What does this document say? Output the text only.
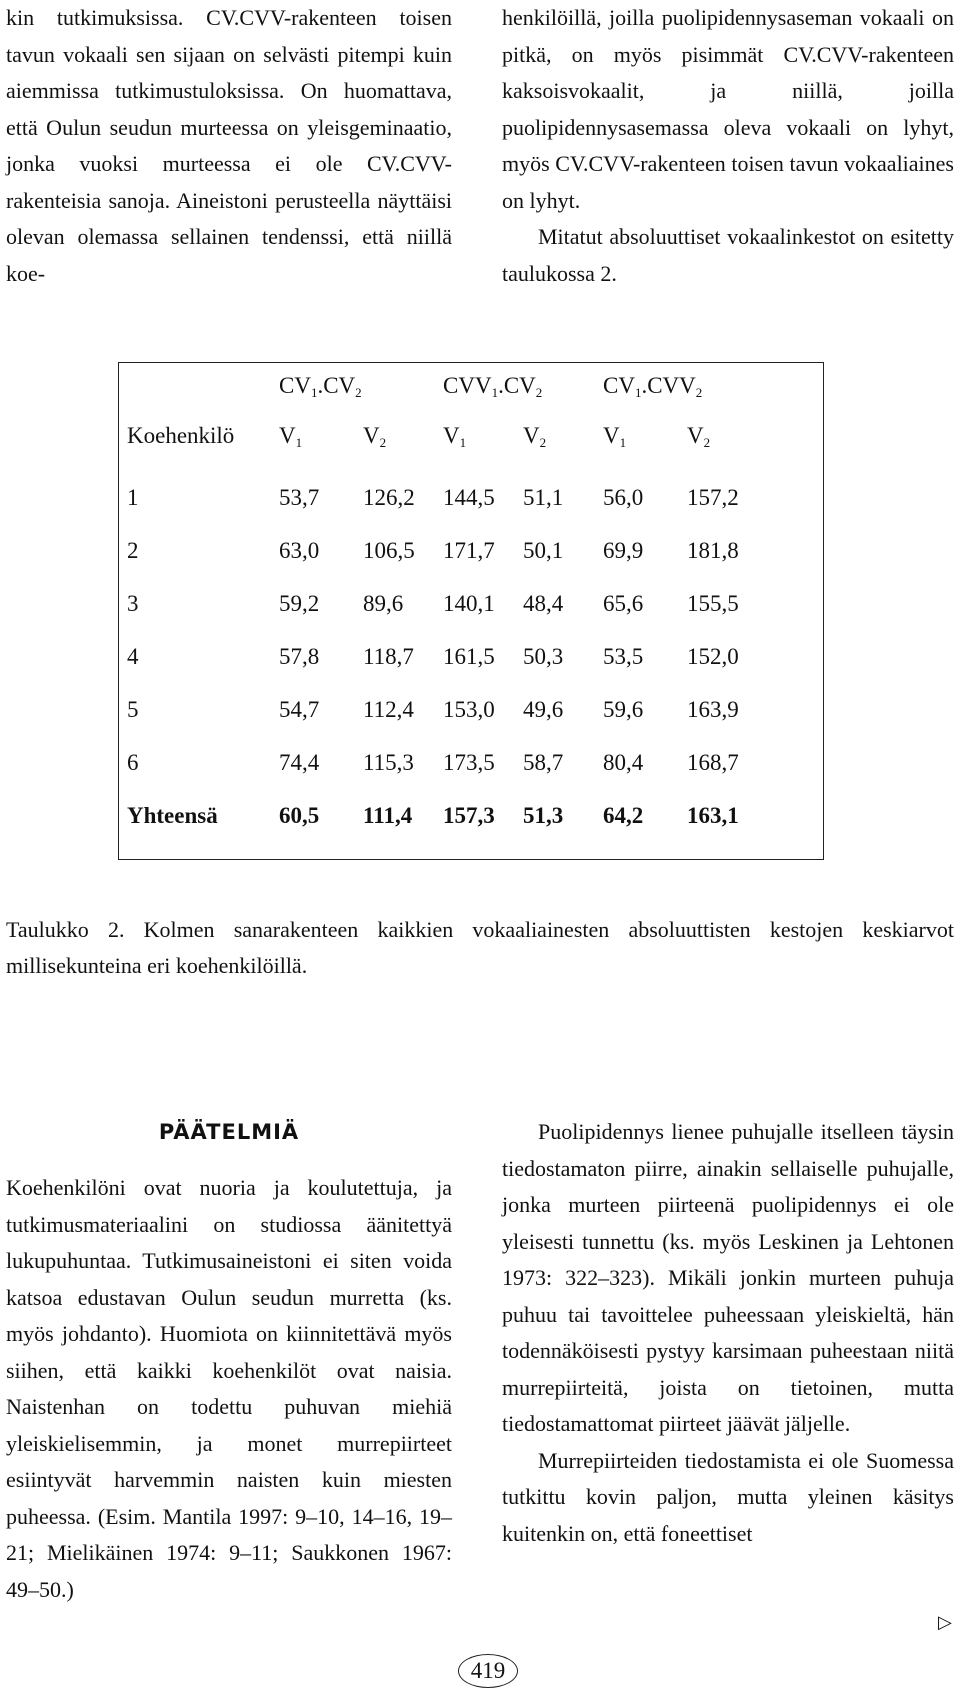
kin tutkimuksissa. CV.CVV-rakenteen toisen tavun vokaali sen sijaan on selvästi pitempi kuin aiemmissa tutkimustuloksissa. On huomattava, että Oulun seudun murteessa on yleisgeminaatio, jonka vuoksi murteessa ei ole CV.CVV-rakenteisia sanoja. Aineistoni perusteella näyttäisi olevan olemassa sellainen tendenssi, että niillä koe-

henkilöillä, joilla puolipidennysaseman vokaali on pitkä, on myös pisimmät CV.CVV-rakenteen kaksoisvokaalit, ja niillä, joilla puolipidennysasemassa oleva vokaali on lyhyt, myös CV.CVV-rakenteen toisen tavun vokaaliaines on lyhyt.

Mitatut absoluuttiset vokaalinkestot on esitetty taulukossa 2.

$CV_1.CV_2$	$CVV_1.CV_2$	$CV_1.CVV_2$
Koehenkilö $V_1$	$V_2$ $V_1$ $V_2$ $V_1$	$V_2$
1	53,7 126,2 144,5 51,1 56,0 157,2
2	63,0 106,5 171,7 50,1 69,9 181,8
3	59,2 89,6 140,1 48,4 65,6 155,5
4	57,8 118,7 161,5 50,3 53,5 152,0
5	54,7 112,4 153,0 49,6 59,6 163,9
6	74,4 115,3 173,5 58,7 80,4 168,7
Yhteensä	60,5 111,4 157,3 51,3 64,2 163,1

Taulukko 2. Kolmen sanarakenteen kaikkien vokaaliainesten absoluuttisten kestojen keskiarvot millisekunteina eri koehenkilöillä.

PÄÄTELMIÄ

Koehenkilöni ovat nuoria ja koulutettuja, ja tutkimusmateriaalini on studiossa äänitettyä lukupuhuntaa. Tutkimusaineistoni ei siten voida katsoa edustavan Oulun seudun murretta (ks. myös johdanto). Huomiota on kiinnitettävä myös siihen, että kaikki koehenkilöt ovat naisia. Naistenhan on todettu puhuvan miehiä yleiskielisemmin, ja monet murrepiirteet esiintyvät harvemmin naisten kuin miesten puheessa. (Esim. Mantila 1997: 9–10, 14–16, 19–21; Mielikäinen 1974: 9–11; Saukkonen 1967: 49–50.)

Puolipidennys lienee puhujalle itselleen täysin tiedostamaton piirre, ainakin sellaiselle puhujalle, jonka murteen piirteenä puolipidennys ei ole yleisesti tunnettu (ks. myös Leskinen ja Lehtonen 1973: 322–323). Mikäli jonkin murteen puhuja puhuu tai tavoittelee puheessaan yleiskieltä, hän todennäköisesti pystyy karsimaan puheestaan niitä murrepiirteitä, joista on tietoinen, mutta tiedostamattomat piirteet jäävät jäljelle.

Murrepiirteiden tiedostamista ei ole Suomessa tutkittu kovin paljon, mutta yleinen käsitys kuitenkin on, että foneettiset

▷
419
